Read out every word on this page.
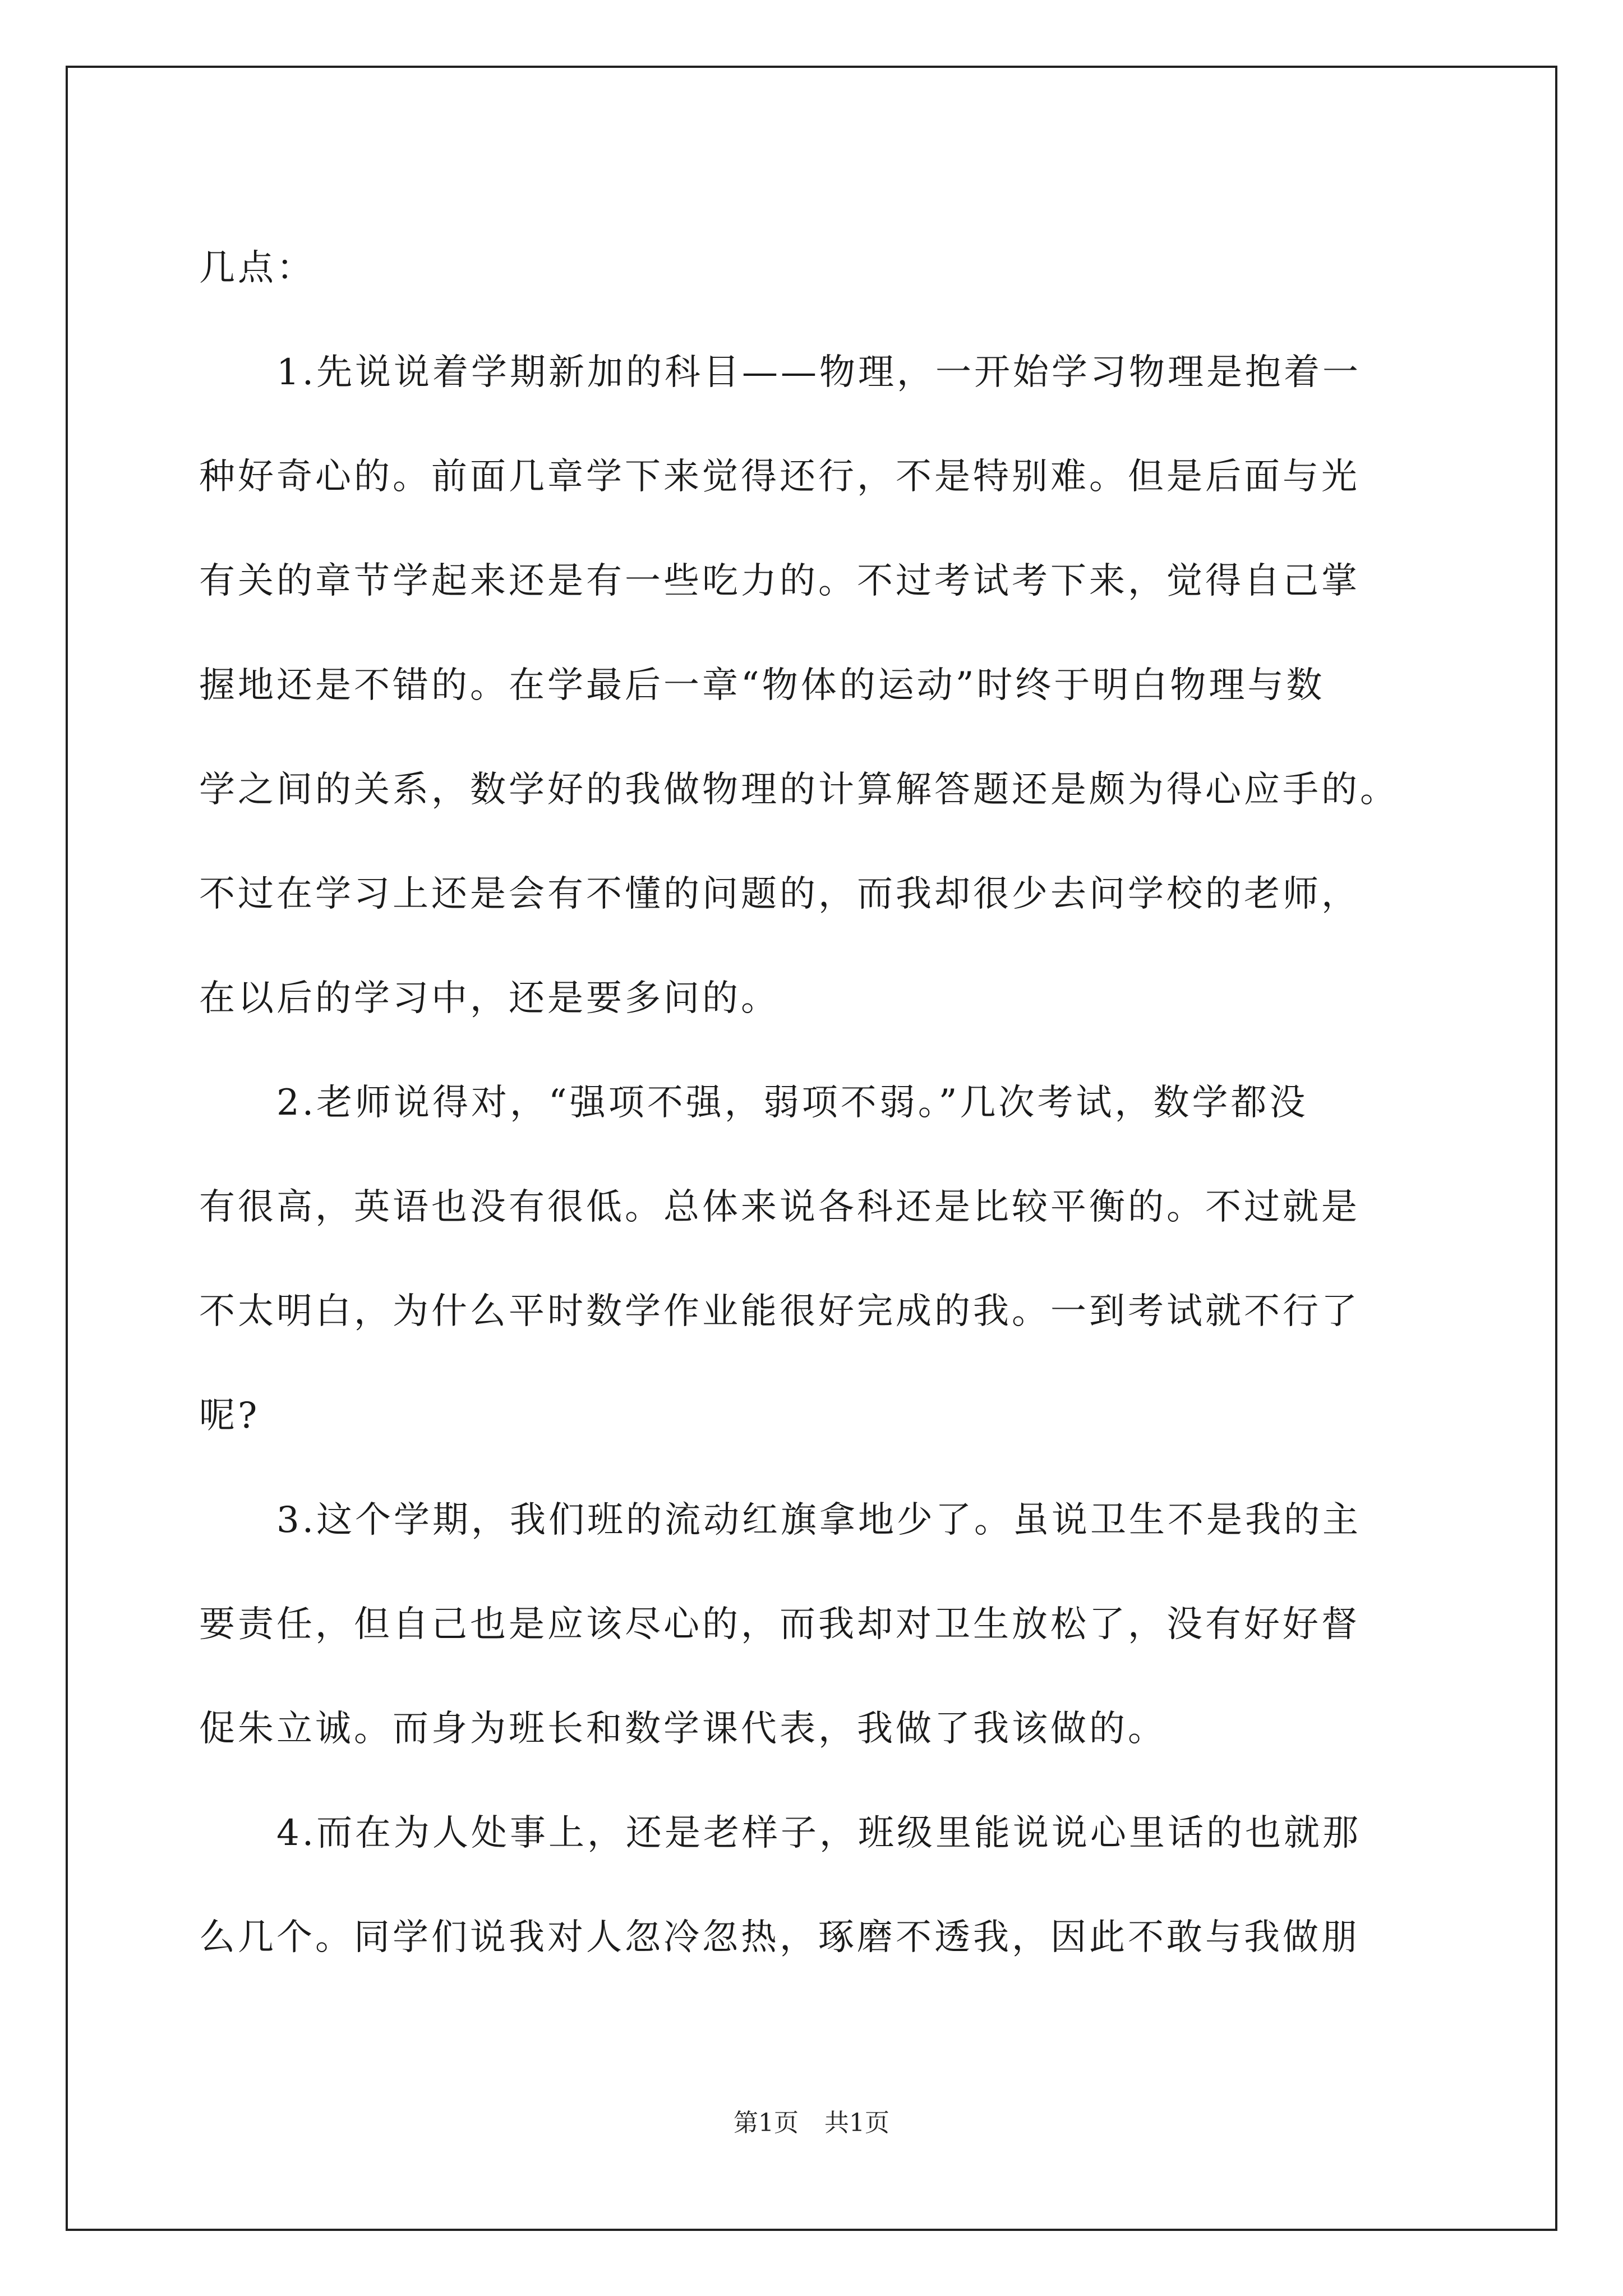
几点：
1.先说说着学期新加的科目——物理，一开始学习物理是抱着一
种好奇心的。前面几章学下来觉得还行，不是特别难。但是后面与光
有关的章节学起来还是有一些吃力的。不过考试考下来，觉得自己掌
握地还是不错的。在学最后一章“物体的运动”时终于明白物理与数
学之间的关系，数学好的我做物理的计算解答题还是颇为得心应手的。
不过在学习上还是会有不懂的问题的，而我却很少去问学校的老师，
在以后的学习中，还是要多问的。
2.老师说得对，“强项不强，弱项不弱。”几次考试，数学都没
有很高，英语也没有很低。总体来说各科还是比较平衡的。不过就是
不太明白，为什么平时数学作业能很好完成的我。一到考试就不行了
呢?
3.这个学期，我们班的流动红旗拿地少了。虽说卫生不是我的主
要责任，但自己也是应该尽心的，而我却对卫生放松了，没有好好督
促朱立诚。而身为班长和数学课代表，我做了我该做的。
4.而在为人处事上，还是老样子，班级里能说说心里话的也就那
么几个。同学们说我对人忽冷忽热，琢磨不透我，因此不敢与我做朋
第1页 共1页
